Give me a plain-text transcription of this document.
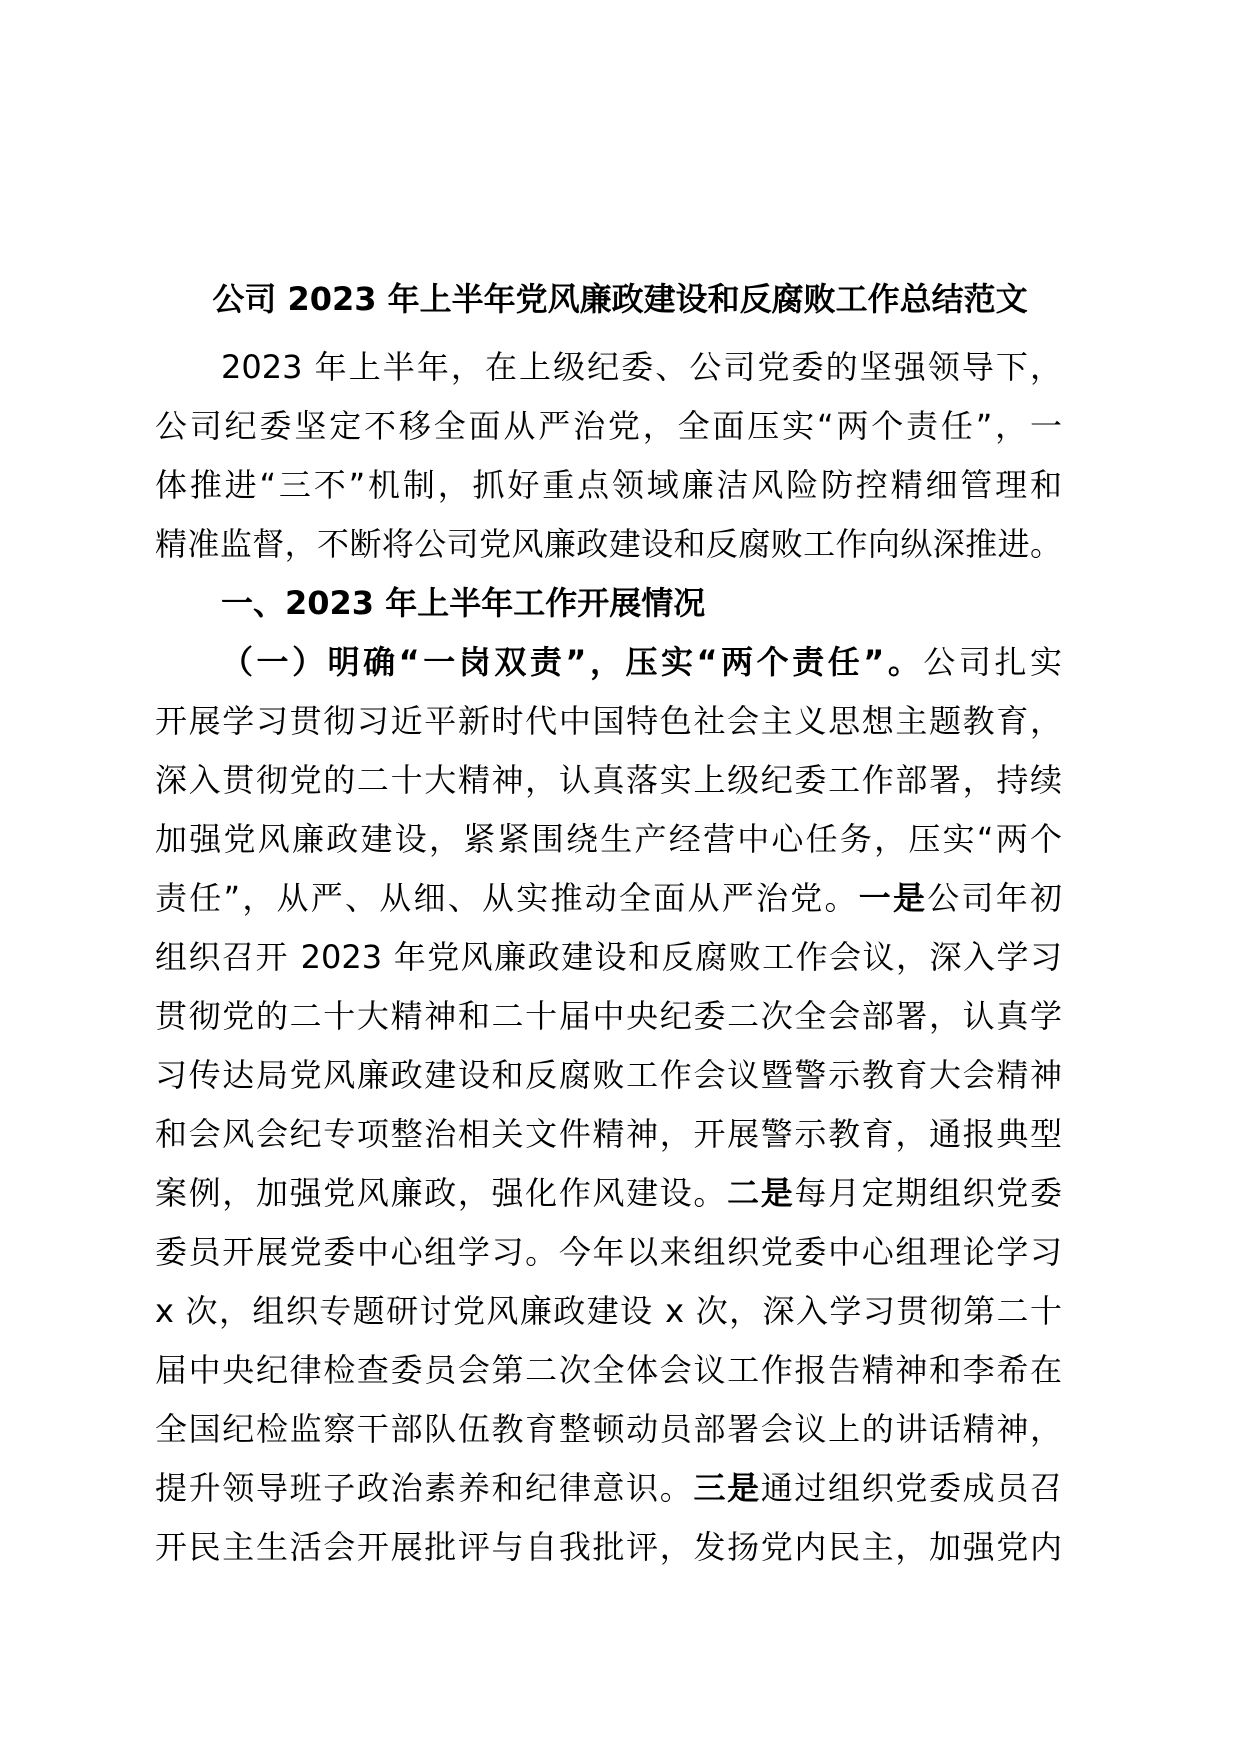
公司 2023 年上半年党风廉政建设和反腐败工作总结范文
2023 年上半年，在上级纪委、公司党委的坚强领导下，
公司纪委坚定不移全面从严治党，全面压实“两个责任”，一
体推进“三不”机制，抓好重点领域廉洁风险防控精细管理和
精准监督，不断将公司党风廉政建设和反腐败工作向纵深推进。
一、2023 年上半年工作开展情况
（一）明确“一岗双责”，压实“两个责任”。公司扎实
开展学习贯彻习近平新时代中国特色社会主义思想主题教育，
深入贯彻党的二十大精神，认真落实上级纪委工作部署，持续
加强党风廉政建设，紧紧围绕生产经营中心任务，压实“两个
责任”，从严、从细、从实推动全面从严治党。一是公司年初
组织召开 2023 年党风廉政建设和反腐败工作会议，深入学习
贯彻党的二十大精神和二十届中央纪委二次全会部署，认真学
习传达局党风廉政建设和反腐败工作会议暨警示教育大会精神
和会风会纪专项整治相关文件精神，开展警示教育，通报典型
案例，加强党风廉政，强化作风建设。二是每月定期组织党委
委员开展党委中心组学习。今年以来组织党委中心组理论学习
x 次，组织专题研讨党风廉政建设 x 次，深入学习贯彻第二十
届中央纪律检查委员会第二次全体会议工作报告精神和李希在
全国纪检监察干部队伍教育整顿动员部署会议上的讲话精神，
提升领导班子政治素养和纪律意识。三是通过组织党委成员召
开民主生活会开展批评与自我批评，发扬党内民主，加强党内
